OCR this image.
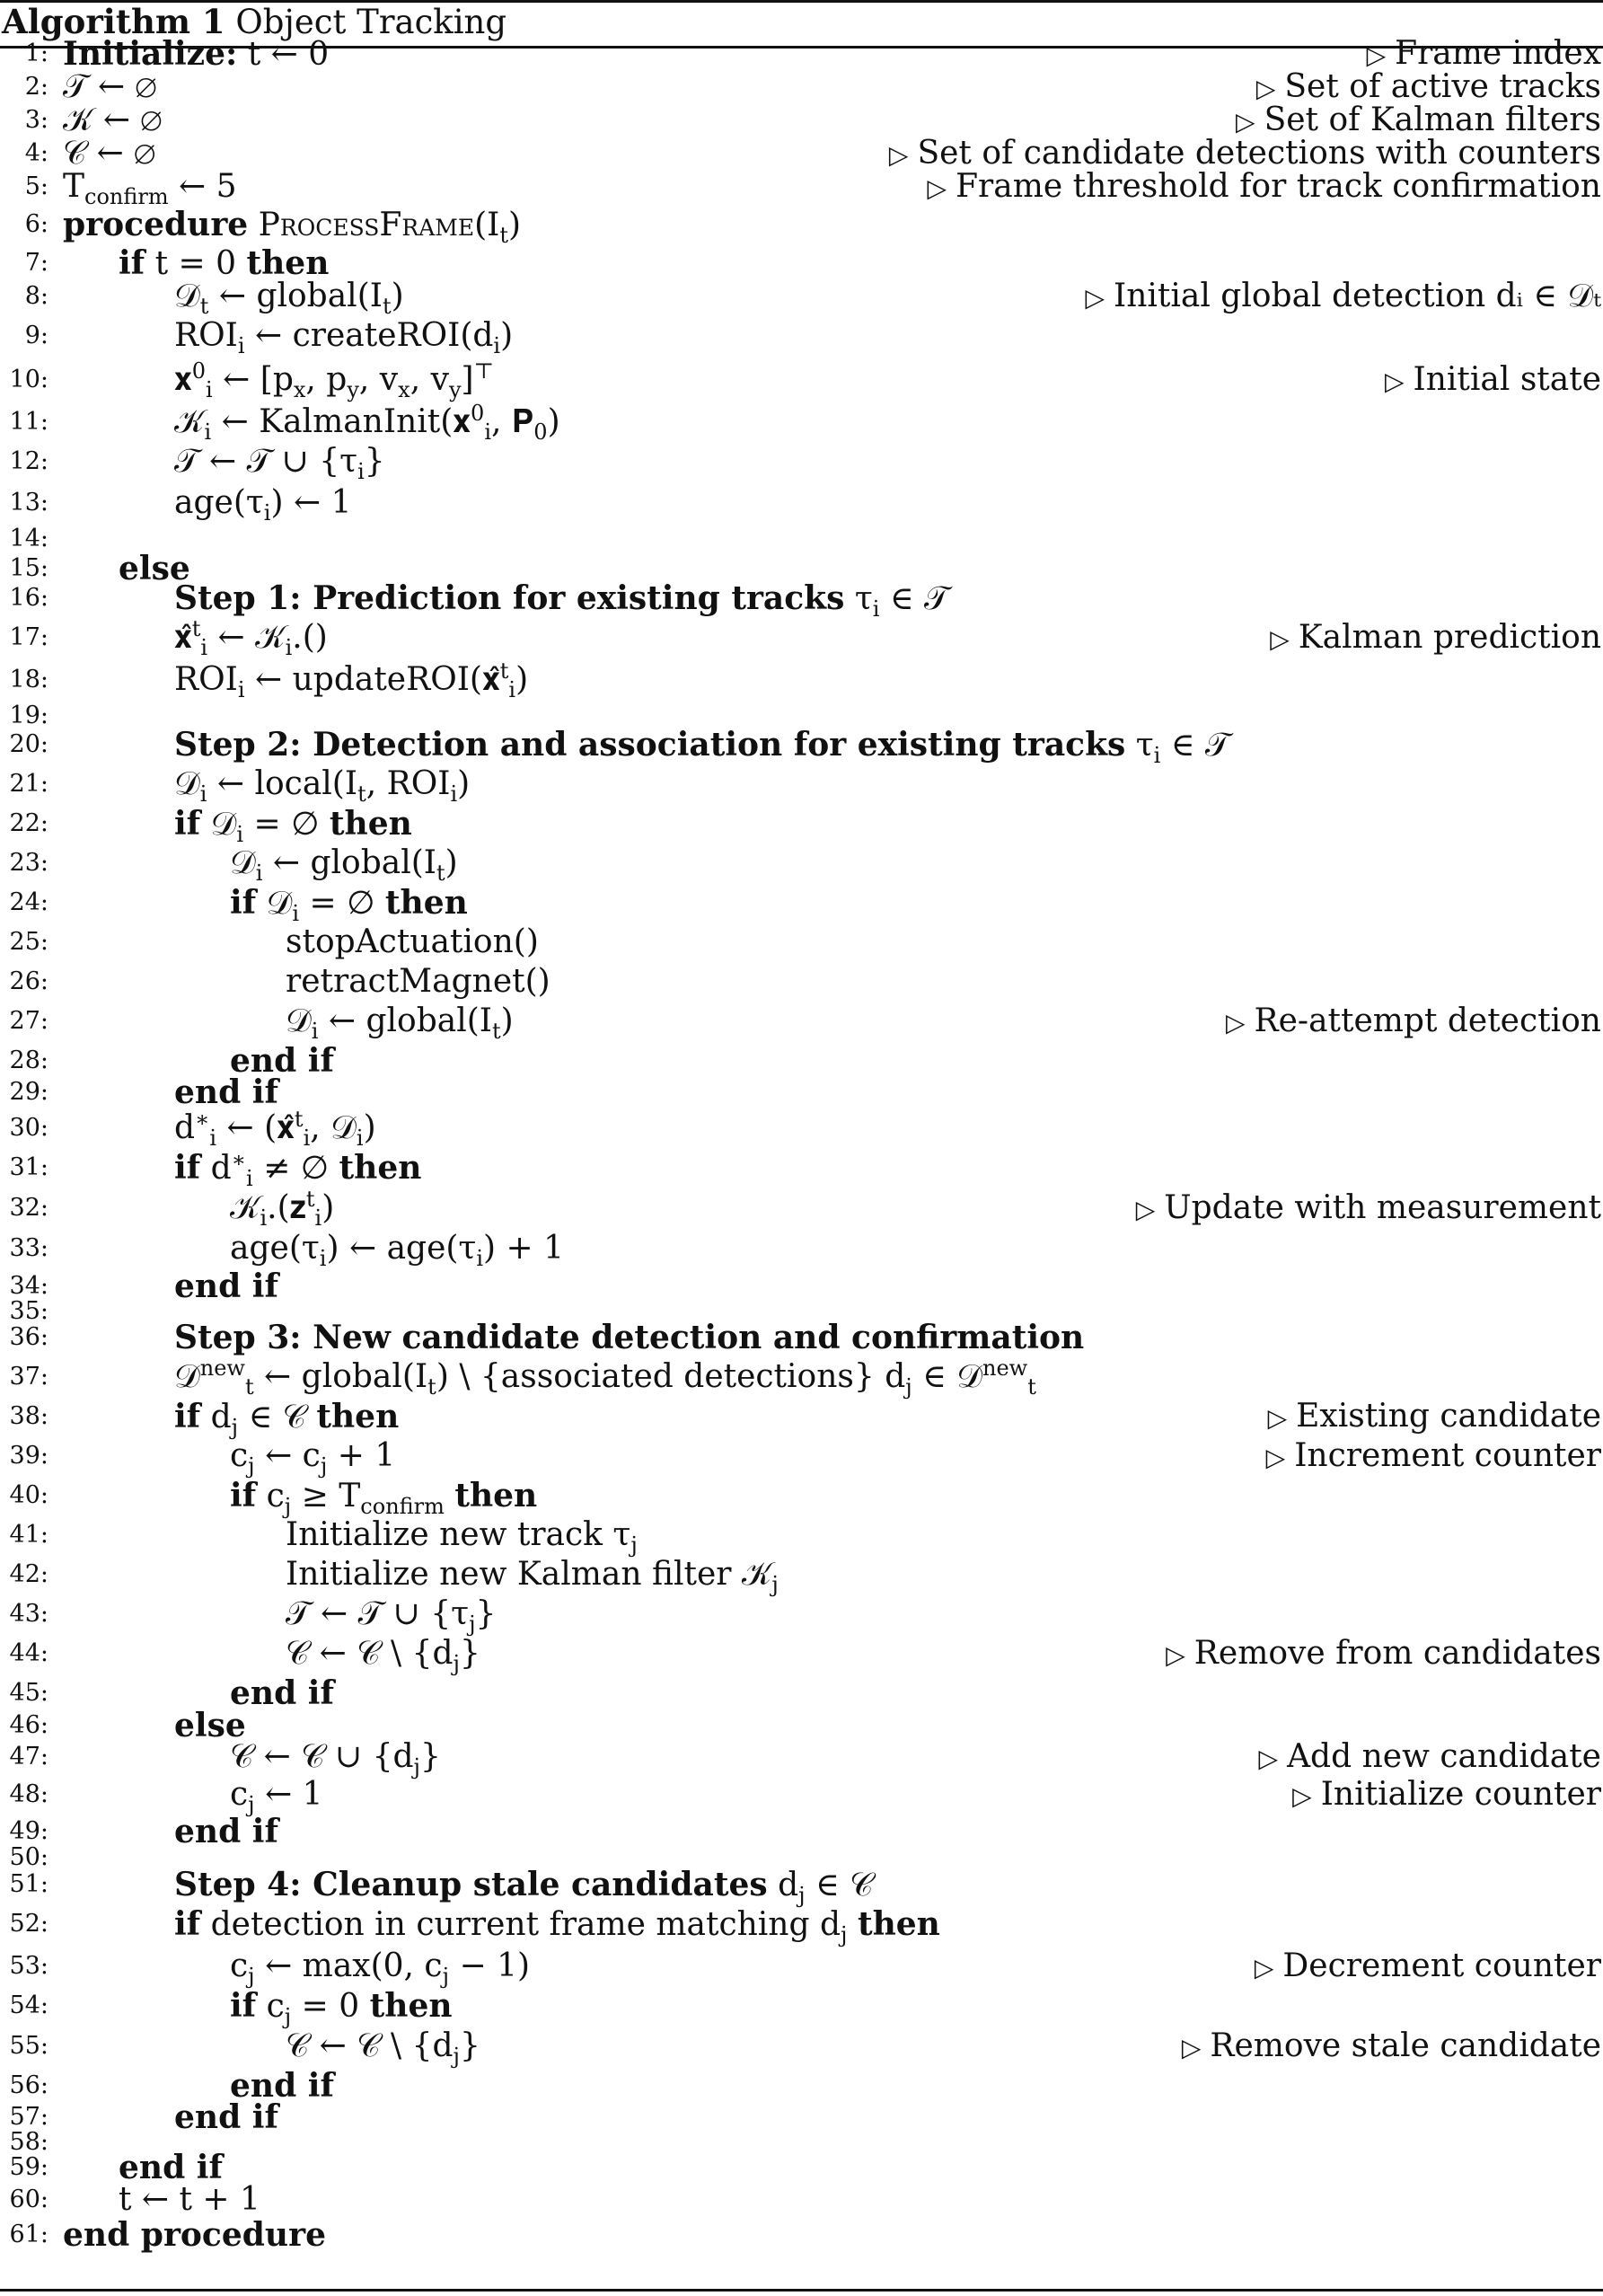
Algorithm 1 Object Tracking
1: Initialize: t ← 0	▷ Frame index
2: 𝒯 ← ∅	▷ Set of active tracks
3: 𝒦 ← ∅	▷ Set of Kalman filters
4: 𝒞 ← ∅	▷ Set of candidate detections with counters
5: $T_{confirm}$ ← 5	▷ Frame threshold for track confirmation
6: procedure $ProcessFrame(I_t)$
7: if t = 0 then
8:	𝒟$_t$ ← $global(I_t)$	▷ Initial global detection dᵢ ∈ 𝒟ₜ
9:	$ROI_i$ ← $createROI(d_i)$
10:	𝐱$^0_i$ ← [$p_x$, $p_y$, $v_x$, $v_y]^⊤$	▷ Initial state
11:	𝒦$_i$ ← KalmanInit(𝐱$^0_i$, 𝐏$_0$)
12:	𝒯 ← 𝒯 ∪ $\{\tau_i\}$
13:	$age(\tau_i)$ ← 1
14:
15: else
16:	Step 1: Prediction for existing tracks $\tau_i$ ∈ 𝒯
17:	𝐱̂$^t_i$ ← 𝒦$_i$.()	▷ Kalman prediction
18:	$ROI_i$ ← updateROI(𝐱̂$^t_i$)
19:
20:	Step 2: Detection and association for existing tracks $\tau_i$ ∈ 𝒯
21:	𝒟$_i$ ← $local(I_t$, $ROI_i$)
22:	if 𝒟$_i$ = ∅ then
23:	𝒟$_i$ ← $global(I_t)$
24:	if 𝒟$_i$ = ∅ then
25:	stopActuation()
26:	retractMagnet()
27:	𝒟$_i$ ← $global(I_t)$	▷ Re-attempt detection
28:	end if
29:	end if
30:	$d^∗_i$ ← (𝐱̂$^t_i$, 𝒟$_i$)
31:	if $d^∗_i$ ≠ ∅ then
32:	𝒦$_i$.(𝐳$^t_i$)	▷ Update with measurement
33:	$age(\tau_i)$ ← $age(\tau_i) + 1$
34:	end if
35:
36:	Step 3: New candidate detection and confirmation
37:	𝒟$^{new}_t$ ← $global(I_t)$ \ {associated detections} $d_j$ ∈ 𝒟$^{new}_t$
38:	if $d_j$ ∈ 𝒞 then	▷ Existing candidate
39:	$c_j$ ← $c_j + 1$	▷ Increment counter
40:	if $c_j \ge T_{confirm}$ then
41:	Initialize new track $\tau_j$
42:	Initialize new Kalman filter 𝒦$_j$
43:	𝒯 ← 𝒯 ∪ $\{\tau_j\}$
44:	𝒞 ← 𝒞 \ $\{d_j\}$	▷ Remove from candidates
45:	end if
46:	else
47:	𝒞 ← 𝒞 ∪ $\{d_j\}$	▷ Add new candidate
48:	$c_j$ ← 1	▷ Initialize counter
49:	end if
50:
51:	Step 4: Cleanup stale candidates $d_j$ ∈ 𝒞
52:	if detection in current frame matching $d_j$ then
53:	$c_j$ ← max(0, $c_j - 1$)	▷ Decrement counter
54:	if $c_j = 0$ then
55:	𝒞 ← 𝒞 \ $\{d_j\}$	▷ Remove stale candidate
56:	end if
57:	end if
58:
59: end if
60: t ← t + 1
61: end procedure
